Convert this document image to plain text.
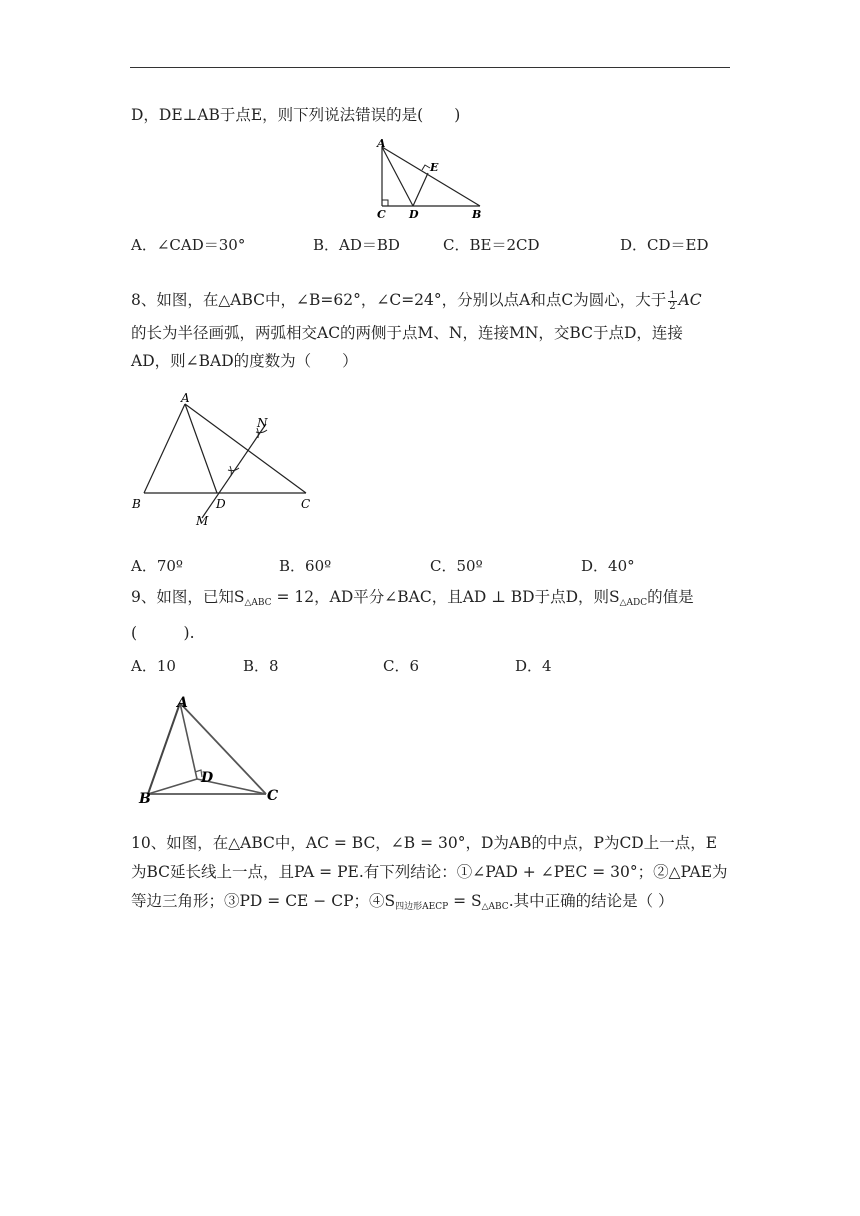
D，DE⊥AB于点E，则下列说法错误的是(　　)
A
E
C D	B
A．∠CAD＝30°	B．AD＝BD	C．BE＝2CD	D．CD＝ED
8、如图，在△ABC中，∠B=62°，∠C=24°，分别以点A和点C为圆心，大于 $\frac{1}{2}$ AC
的长为半径画弧，两弧相交AC的两侧于点M、N，连接MN，交BC于点D，连接
AD，则∠BAD的度数为（　　）
A
N
B	D	C
M
A．70º	B．60º	C．50º	D．40°
9、如图，已知$S_{\triangle ABC} = 12$，AD平分∠BAC，且AD ⊥ BD于点D，则$S_{\triangle ADC}$的值是
(　　　).
A．10	B．8	C．6	D．4
A
D
B	C
10、如图，在△ABC中，AC = BC，∠B = 30°，D为AB的中点，P为CD上一点，E
为BC延长线上一点，且PA = PE.有下列结论：①∠PAD + ∠PEC = 30°；②△PAE为
等边三角形；③PD = CE − CP；$④S_{四边形AECP} = S_{\triangle ABC}$.其中正确的结论是（ ）
